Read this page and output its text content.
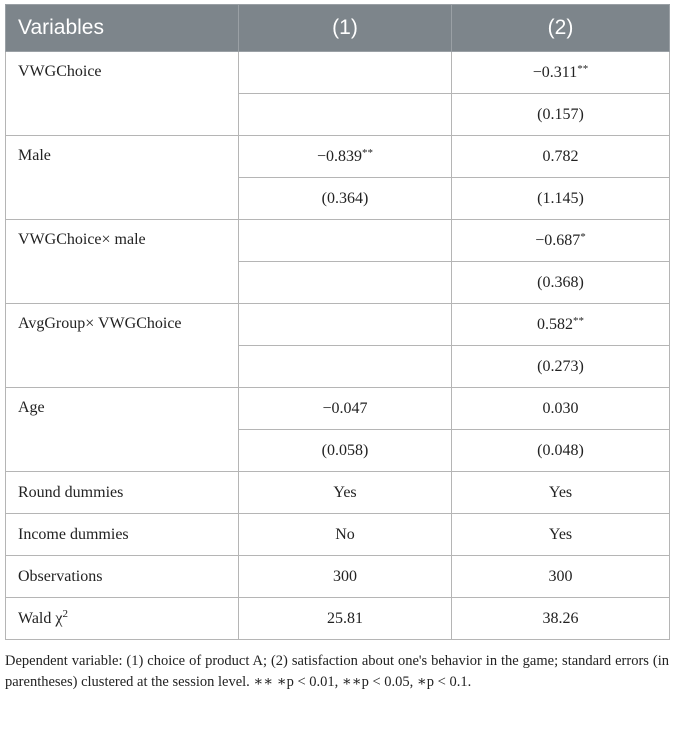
Variables	(1)	(2)
VWGChoice		−0.311**
		(0.157)
Male	−0.839**	0.782
	(0.364)	(1.145)
VWGChoice× male		−0.687*
		(0.368)
AvgGroup× VWGChoice		0.582**
		(0.273)
Age	−0.047	0.030
	(0.058)	(0.048)
Round dummies	Yes	Yes
Income dummies	No	Yes
Observations	300	300
Wald $\chi^2$	25.81	38.26
Dependent variable: (1) choice of product A; (2) satisfaction about one's behavior in the game; standard errors (in parentheses) clustered at the session level. ∗∗ ∗p < 0.01, ∗∗p < 0.05, ∗p < 0.1.
